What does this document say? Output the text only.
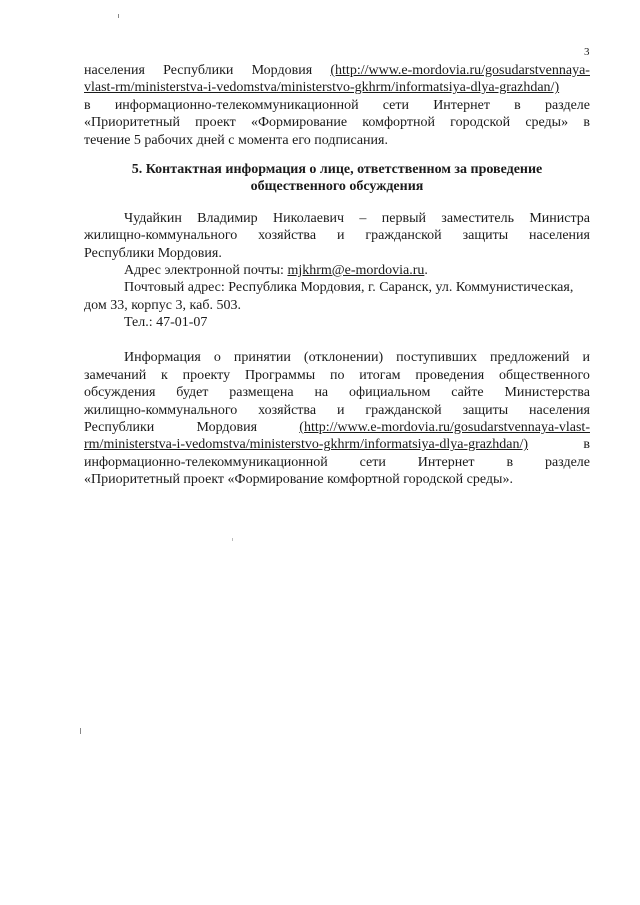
3
населения Республики Мордовия (http://www.e-mordovia.ru/gosudarstvennaya-
vlast-rm/ministerstva-i-vedomstva/ministerstvo-gkhrm/informatsiya-dlya-grazhdan/)
в информационно-телекоммуникационной сети Интернет в разделе
«Приоритетный проект «Формирование комфортной городской среды» в
течение 5 рабочих дней с момента его подписания.
5. Контактная информация о лице, ответственном за проведение
общественного обсуждения
Чудайкин Владимир Николаевич – первый заместитель Министра
жилищно-коммунального хозяйства и гражданской защиты населения
Республики Мордовия.
Адрес электронной почты: mjkhrm@e-mordovia.ru .
Почтовый адрес: Республика Мордовия, г. Саранск, ул. Коммунистическая,
дом 33, корпус 3, каб. 503.
Тел.: 47-01-07
Информация о принятии (отклонении) поступивших предложений и
замечаний к проекту Программы по итогам проведения общественного
обсуждения будет размещена на официальном сайте Министерства
жилищно-коммунального хозяйства и гражданской защиты населения
Республики	Мордовия	(http://www.e-mordovia.ru/gosudarstvennaya-vlast-
rm/ministerstva-i-vedomstva/ministerstvo-gkhrm/informatsiya-dlya-grazhdan/)	в
информационно-телекоммуникационной сети Интернет в разделе
«Приоритетный проект «Формирование комфортной городской среды».
